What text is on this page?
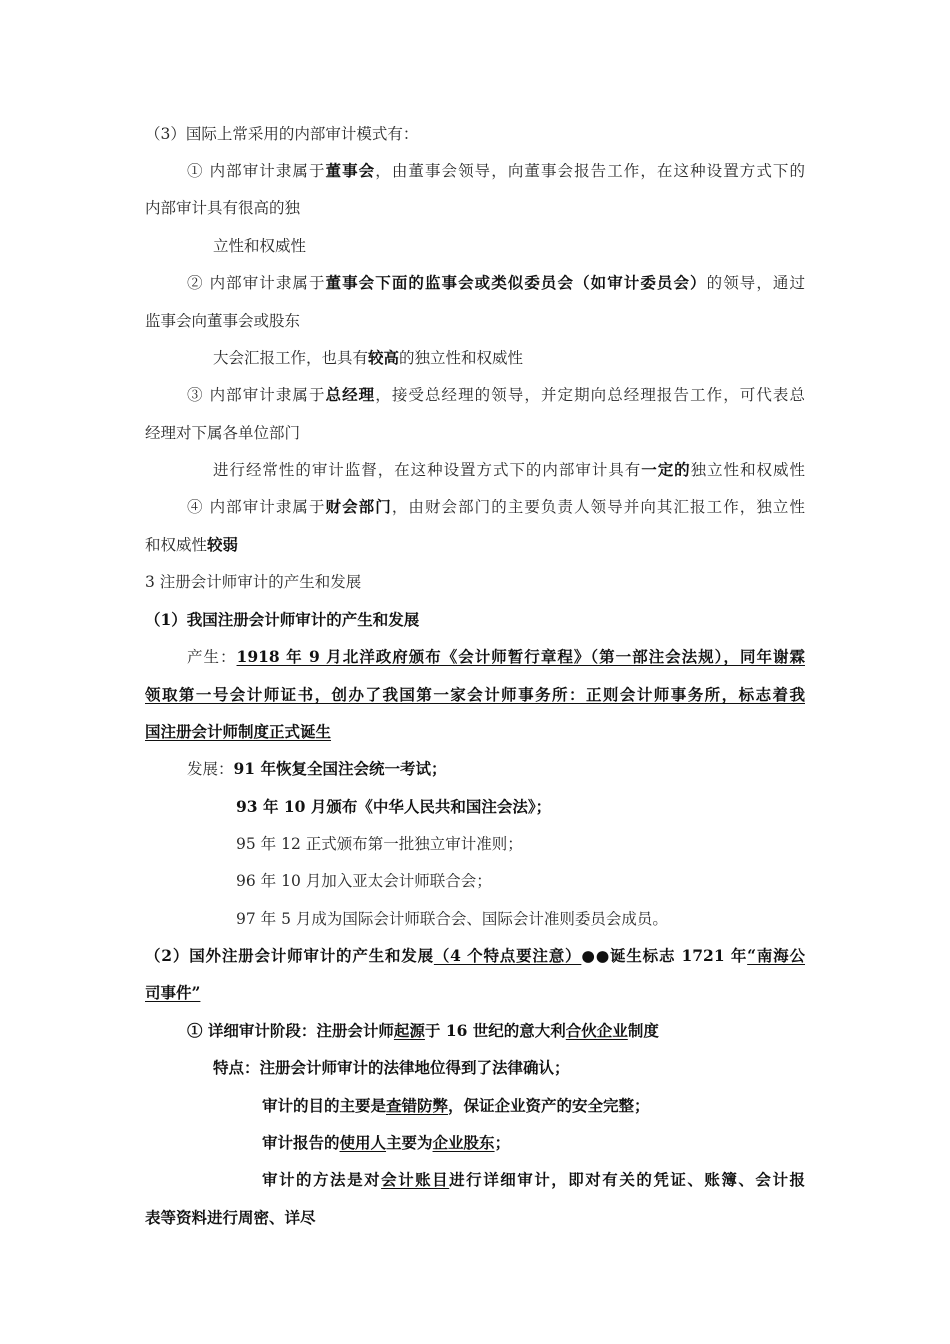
（3）国际上常采用的内部审计模式有：
① 内部审计隶属于董事会，由董事会领导，向董事会报告工作，在这种设置方式下的
内部审计具有很高的独
立性和权威性
② 内部审计隶属于董事会下面的监事会或类似委员会（如审计委员会）的领导，通过
监事会向董事会或股东
大会汇报工作，也具有较高的独立性和权威性
③ 内部审计隶属于总经理，接受总经理的领导，并定期向总经理报告工作，可代表总
经理对下属各单位部门
进行经常性的审计监督，在这种设置方式下的内部审计具有一定的独立性和权威性
④ 内部审计隶属于财会部门，由财会部门的主要负责人领导并向其汇报工作，独立性
和权威性较弱
3 注册会计师审计的产生和发展
（1）我国注册会计师审计的产生和发展
产生：1918 年 9 月北洋政府颁布《会计师暂行章程》（第一部注会法规），同年谢霖
领取第一号会计师证书，创办了我国第一家会计师事务所：正则会计师事务所，标志着我
国注册会计师制度正式诞生
发展：91 年恢复全国注会统一考试；
93 年 10 月颁布《中华人民共和国注会法》；
95 年 12 正式颁布第一批独立审计准则；
96 年 10 月加入亚太会计师联合会；
97 年 5 月成为国际会计师联合会、国际会计准则委员会成员。
（2）国外注册会计师审计的产生和发展（4 个特点要注意）●●诞生标志 1721 年“南海公
司事件”
① 详细审计阶段：注册会计师起源于 16 世纪的意大利合伙企业制度
特点：注册会计师审计的法律地位得到了法律确认；
审计的目的主要是查错防弊，保证企业资产的安全完整；
审计报告的使用人主要为企业股东；
审计的方法是对会计账目进行详细审计，即对有关的凭证、账簿、会计报
表等资料进行周密、详尽
